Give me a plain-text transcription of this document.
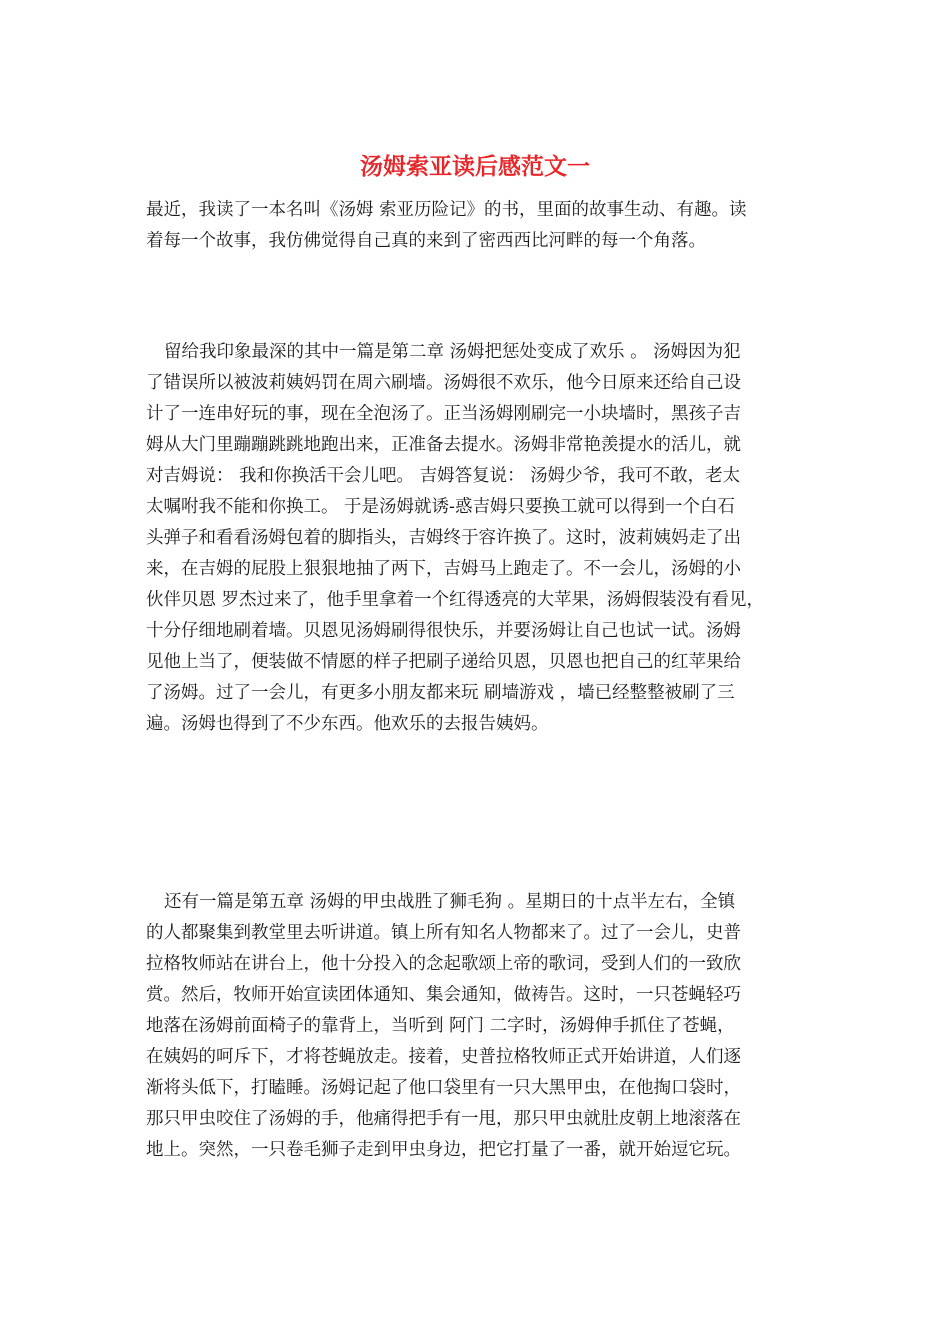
汤姆索亚读后感范文一
最近，我读了一本名叫《汤姆 索亚历险记》的书，里面的故事生动、有趣。读
着每一个故事，我仿佛觉得自己真的来到了密西西比河畔的每一个角落。
留给我印象最深的其中一篇是第二章 汤姆把惩处变成了欢乐 。 汤姆因为犯
了错误所以被波莉姨妈罚在周六刷墙。汤姆很不欢乐，他今日原来还给自己设
计了一连串好玩的事，现在全泡汤了。正当汤姆刚刷完一小块墙时，黑孩子吉
姆从大门里蹦蹦跳跳地跑出来，正准备去提水。汤姆非常艳羡提水的活儿，就
对吉姆说： 我和你换活干会儿吧。 吉姆答复说： 汤姆少爷，我可不敢，老太
太嘱咐我不能和你换工。 于是汤姆就诱-惑吉姆只要换工就可以得到一个白石
头弹子和看看汤姆包着的脚指头，吉姆终于容许换了。这时，波莉姨妈走了出
来，在吉姆的屁股上狠狠地抽了两下，吉姆马上跑走了。不一会儿，汤姆的小
伙伴贝恩 罗杰过来了，他手里拿着一个红得透亮的大苹果，汤姆假装没有看见，
十分仔细地刷着墙。贝恩见汤姆刷得很快乐，并要汤姆让自己也试一试。汤姆
见他上当了，便装做不情愿的样子把刷子递给贝恩，贝恩也把自己的红苹果给
了汤姆。过了一会儿，有更多小朋友都来玩 刷墙游戏 ，墙已经整整被刷了三
遍。汤姆也得到了不少东西。他欢乐的去报告姨妈。
还有一篇是第五章 汤姆的甲虫战胜了狮毛狗 。星期日的十点半左右，全镇
的人都聚集到教堂里去听讲道。镇上所有知名人物都来了。过了一会儿，史普
拉格牧师站在讲台上，他十分投入的念起歌颂上帝的歌词，受到人们的一致欣
赏。然后，牧师开始宣读团体通知、集会通知，做祷告。这时，一只苍蝇轻巧
地落在汤姆前面椅子的靠背上，当听到 阿门 二字时，汤姆伸手抓住了苍蝇，
在姨妈的呵斥下，才将苍蝇放走。接着，史普拉格牧师正式开始讲道，人们逐
渐将头低下，打瞌睡。汤姆记起了他口袋里有一只大黑甲虫，在他掏口袋时，
那只甲虫咬住了汤姆的手，他痛得把手有一甩，那只甲虫就肚皮朝上地滚落在
地上。突然，一只卷毛狮子走到甲虫身边，把它打量了一番，就开始逗它玩。
